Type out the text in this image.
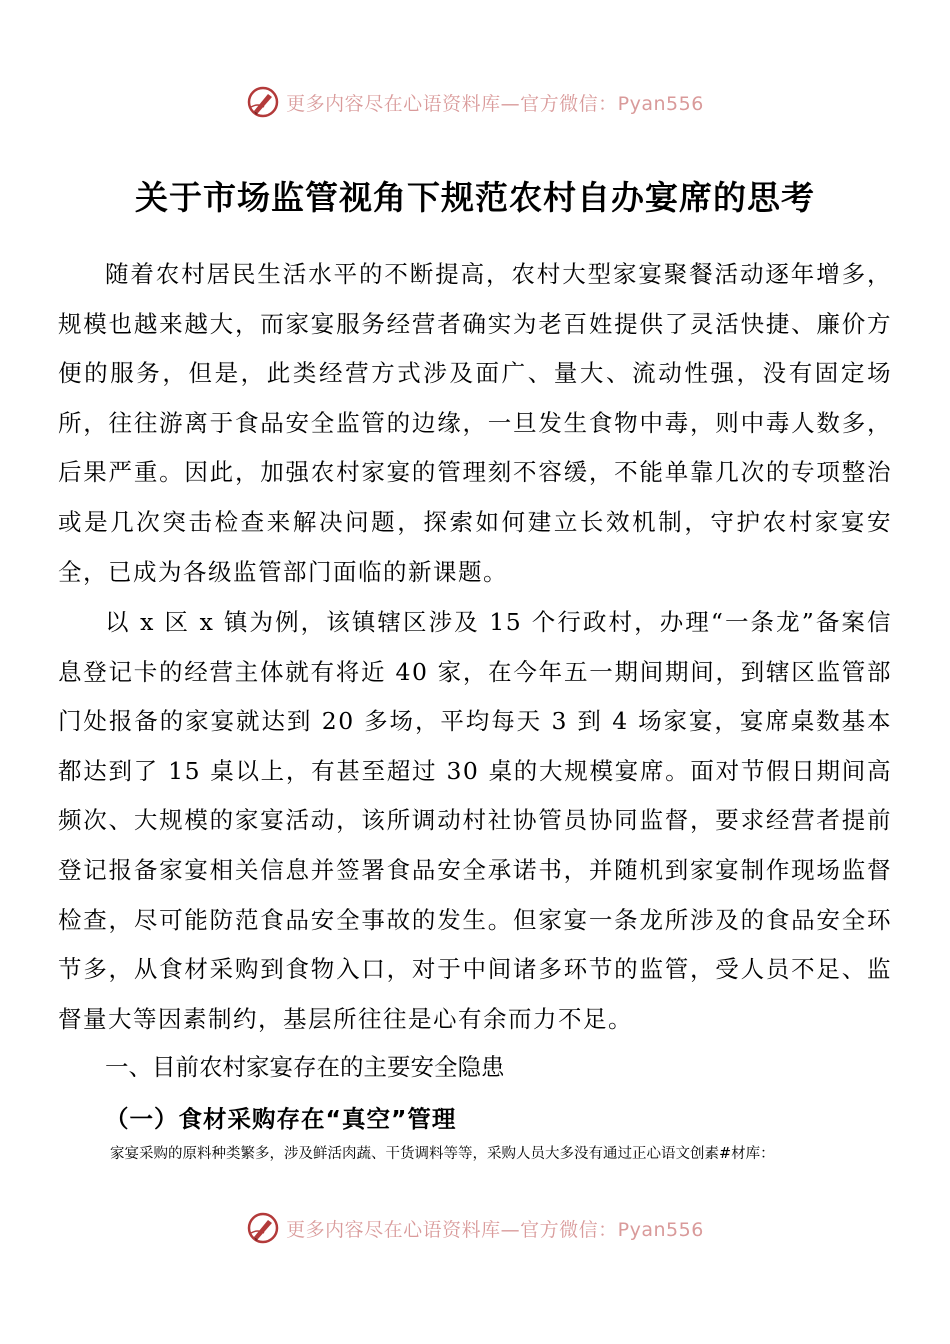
更多内容尽在心语资料库—官方微信：Pyan556
关于市场监管视角下规范农村自办宴席的思考

随着农村居民生活水平的不断提高，农村大型家宴聚餐活动逐年增多，规模也越来越大，而家宴服务经营者确实为老百姓提供了灵活快捷、廉价方便的服务，但是，此类经营方式涉及面广、量大、流动性强，没有固定场所，往往游离于食品安全监管的边缘，一旦发生食物中毒，则中毒人数多，后果严重。因此，加强农村家宴的管理刻不容缓，不能单靠几次的专项整治或是几次突击检查来解决问题，探索如何建立长效机制，守护农村家宴安全，已成为各级监管部门面临的新课题。

以 x 区 x 镇为例，该镇辖区涉及 15 个行政村，办理“一条龙”备案信息登记卡的经营主体就有将近 40 家，在今年五一期间期间，到辖区监管部门处报备的家宴就达到 20 多场，平均每天 3 到 4 场家宴，宴席桌数基本都达到了 15 桌以上，有甚至超过 30 桌的大规模宴席。面对节假日期间高频次、大规模的家宴活动，该所调动村社协管员协同监督，要求经营者提前登记报备家宴相关信息并签署食品安全承诺书，并随机到家宴制作现场监督检查，尽可能防范食品安全事故的发生。但家宴一条龙所涉及的食品安全环节多，从食材采购到食物入口，对于中间诸多环节的监管，受人员不足、监督量大等因素制约，基层所往往是心有余而力不足。

一、目前农村家宴存在的主要安全隐患

（一）食材采购存在“真空”管理

家宴采购的原料种类繁多，涉及鲜活肉蔬、干货调料等等，采购人员大多没有通过正心语文创素#材库：

更多内容尽在心语资料库—官方微信：Pyan556
